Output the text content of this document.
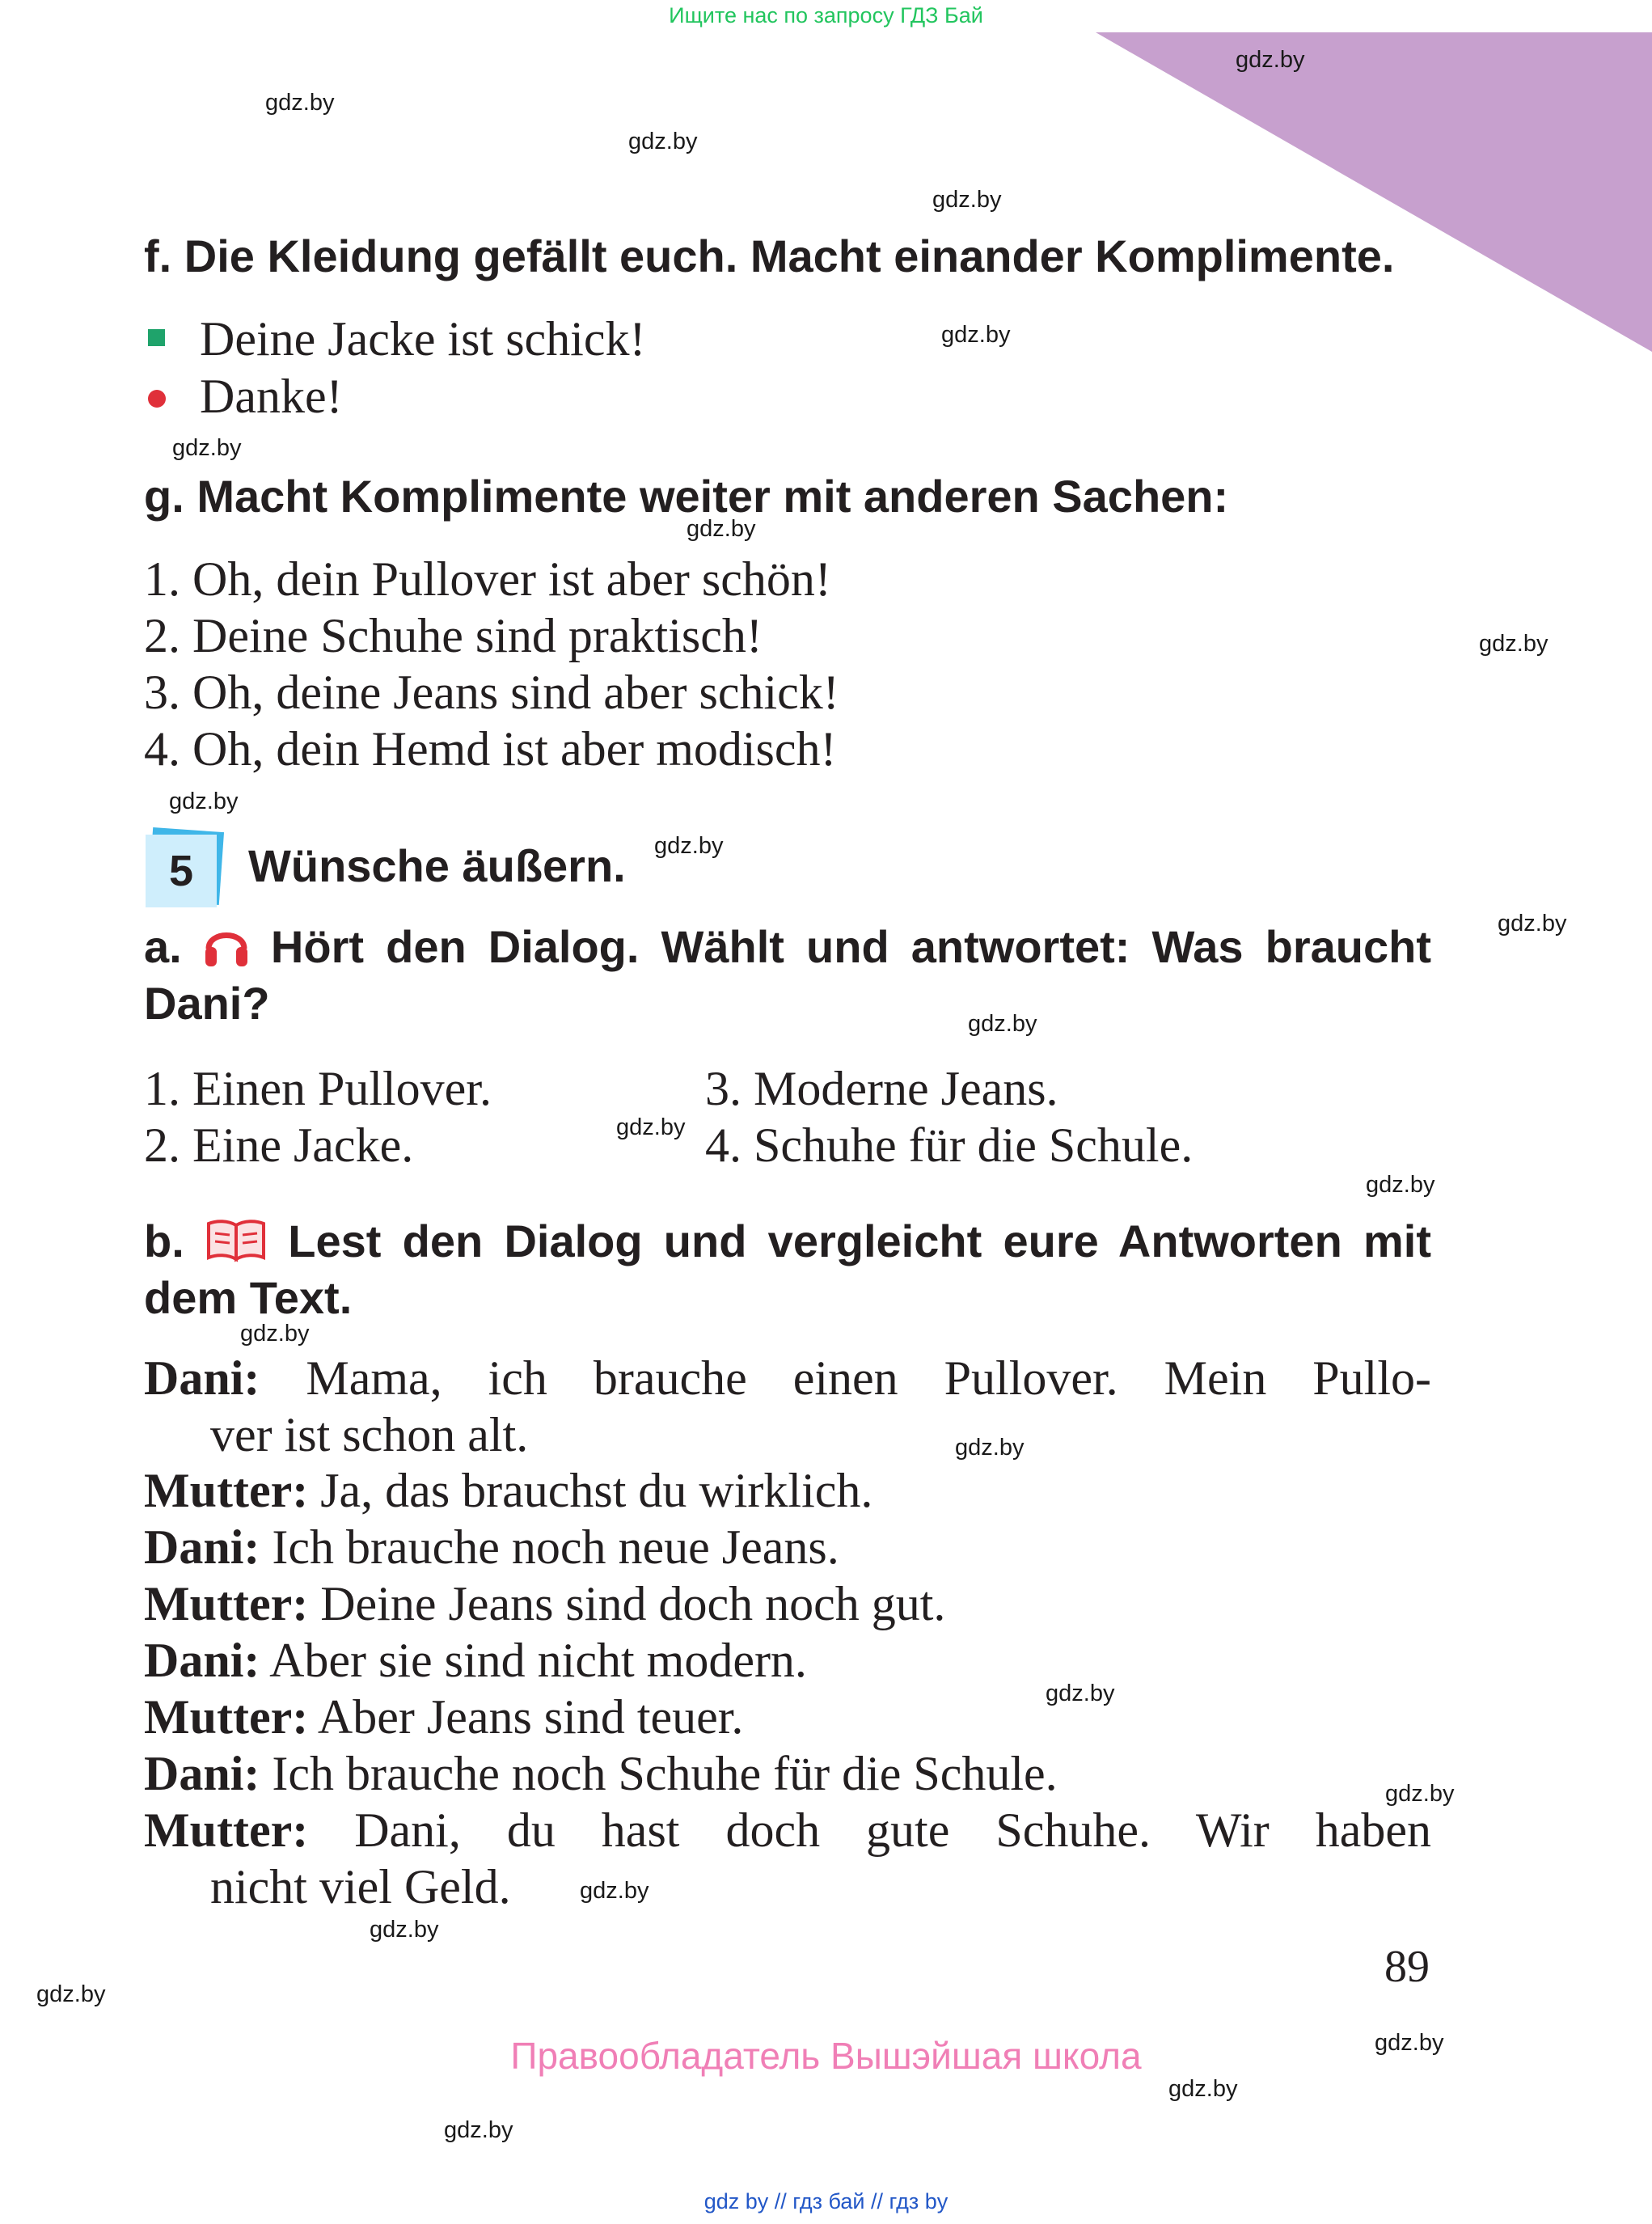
Ищите нас по запросу ГДЗ Бай
gdz.by
gdz.by
gdz.by
gdz.by
gdz.by
gdz.by
gdz.by
gdz.by
gdz.by
gdz.by
gdz.by
gdz.by
gdz.by
gdz.by
gdz.by
gdz.by
gdz.by
gdz.by
gdz.by
gdz.by
gdz.by
gdz.by
gdz.by
gdz.by
f. Die Kleidung gefällt euch. Macht einander Komplimente.
Deine Jacke ist schick!
Danke!
g. Macht Komplimente weiter mit anderen Sachen:
1. Oh, dein Pullover ist aber schön!
2. Deine Schuhe sind praktisch!
3. Oh, deine Jeans sind aber schick!
4. Oh, dein Hemd ist aber modisch!
5	Wünsche äußern.
a. Hört den Dialog. Wählt und antwortet: Was braucht
Dani?
1. Einen Pullover.
2. Eine Jacke.
3. Moderne Jeans.
4. Schuhe für die Schule.
b. Lest den Dialog und vergleicht eure Antworten mit
dem Text.
Dani: Mama, ich brauche einen Pullover. Mein Pullo-
ver ist schon alt.
Mutter: Ja, das brauchst du wirklich.
Dani: Ich brauche noch neue Jeans.
Mutter: Deine Jeans sind doch noch gut.
Dani: Aber sie sind nicht modern.
Mutter: Aber Jeans sind teuer.
Dani: Ich brauche noch Schuhe für die Schule.
Mutter: Dani, du hast doch gute Schuhe. Wir haben
nicht viel Geld.
89
Правообладатель Вышэйшая школа
gdz by // гдз бай // гдз by
